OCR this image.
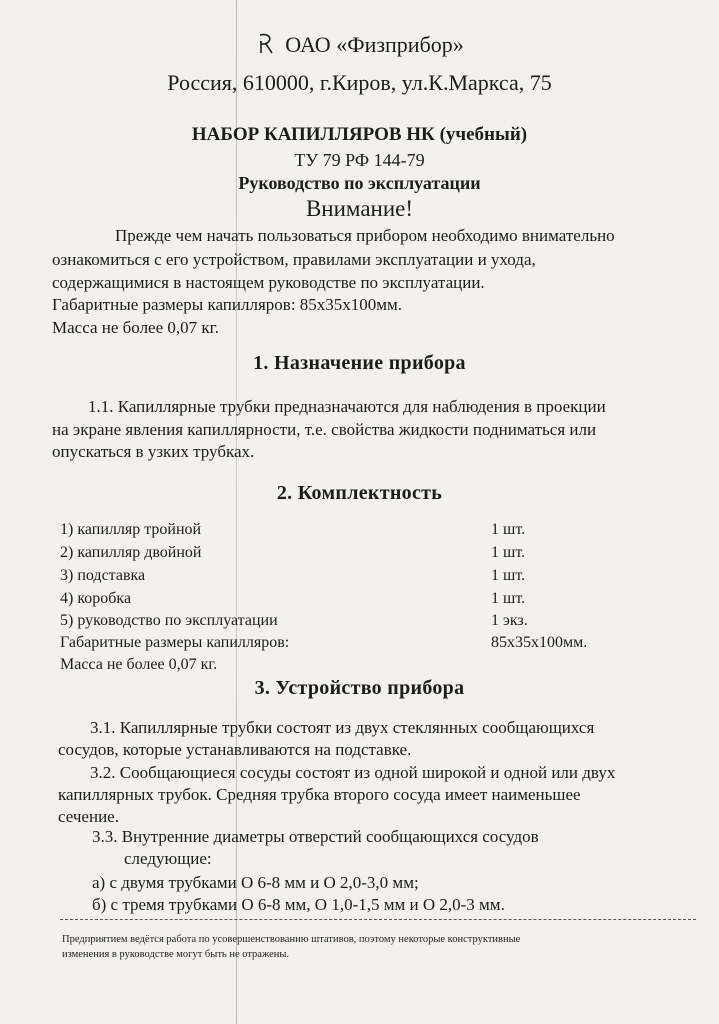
ОАО «Физприбор»
Россия, 610000, г.Киров, ул.К.Маркса, 75
НАБОР КАПИЛЛЯРОВ НК (учебный)
ТУ 79 РФ 144-79
Руководство по эксплуатации
Внимание!
Прежде чем начать пользоваться прибором необходимо внимательно
ознакомиться с его устройством, правилами эксплуатации и ухода,
содержащимися в настоящем руководстве по эксплуатации.
Габаритные размеры капилляров: 85х35х100мм.
Масса не более 0,07 кг.
1. Назначение прибора
1.1. Капиллярные трубки предназначаются для наблюдения в проекции
на экране явления капиллярности, т.е. свойства жидкости подниматься или
опускаться в узких трубках.
2. Комплектность
1) капилляр тройной	1 шт.
2) капилляр двойной	1 шт.
3) подставка	1 шт.
4) коробка	1 шт.
5) руководство по эксплуатации	1 экз.
Габаритные размеры капилляров:	85х35х100мм.
Масса не более 0,07 кг.
3. Устройство прибора
3.1. Капиллярные трубки состоят из двух стеклянных сообщающихся
сосудов, которые устанавливаются на подставке.
3.2. Сообщающиеся сосуды состоят из одной широкой и одной или двух
капиллярных трубок. Средняя трубка второго сосуда имеет наименьшее
сечение.
3.3. Внутренние диаметры отверстий сообщающихся сосудов
следующие:
а) с двумя трубками О 6-8 мм и О 2,0-3,0 мм;
б) с тремя трубками О 6-8 мм, О 1,0-1,5 мм и О 2,0-3 мм.
Предприятием ведётся работа по усовершенствованию штативов, поэтому некоторые конструктивные
изменения в руководстве могут быть не отражены.
